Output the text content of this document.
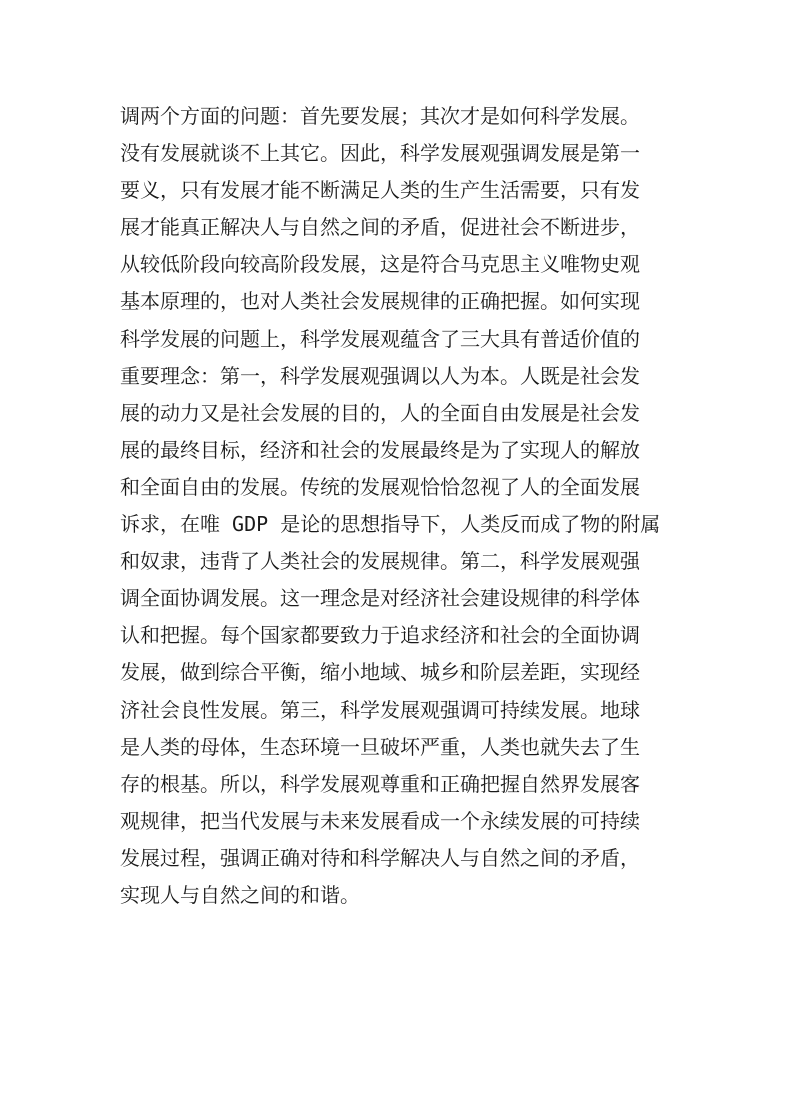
调两个方面的问题：首先要发展；其次才是如何科学发展。
没有发展就谈不上其它。因此，科学发展观强调发展是第一
要义，只有发展才能不断满足人类的生产生活需要，只有发
展才能真正解决人与自然之间的矛盾，促进社会不断进步，
从较低阶段向较高阶段发展，这是符合马克思主义唯物史观
基本原理的，也对人类社会发展规律的正确把握。如何实现
科学发展的问题上，科学发展观蕴含了三大具有普适价值的
重要理念：第一，科学发展观强调以人为本。人既是社会发
展的动力又是社会发展的目的，人的全面自由发展是社会发
展的最终目标，经济和社会的发展最终是为了实现人的解放
和全面自由的发展。传统的发展观恰恰忽视了人的全面发展
诉求，在唯 GDP 是论的思想指导下，人类反而成了物的附属
和奴隶，违背了人类社会的发展规律。第二，科学发展观强
调全面协调发展。这一理念是对经济社会建设规律的科学体
认和把握。每个国家都要致力于追求经济和社会的全面协调
发展，做到综合平衡，缩小地域、城乡和阶层差距，实现经
济社会良性发展。第三，科学发展观强调可持续发展。地球
是人类的母体，生态环境一旦破坏严重，人类也就失去了生
存的根基。所以，科学发展观尊重和正确把握自然界发展客
观规律，把当代发展与未来发展看成一个永续发展的可持续
发展过程，强调正确对待和科学解决人与自然之间的矛盾，
实现人与自然之间的和谐。
